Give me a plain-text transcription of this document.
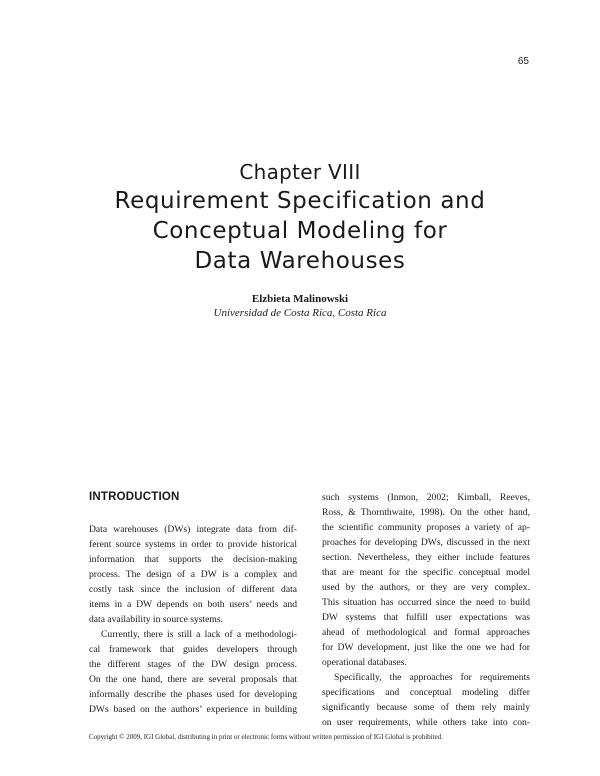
65
Chapter VIII
Requirement Specification and
Conceptual Modeling for
Data Warehouses
Elzbieta Malinowski
Universidad de Costa Rica, Costa Rica
INTRODUCTION

Data warehouses (DWs) integrate data from dif-
ferent source systems in order to provide historical
information that supports the decision-making
process. The design of a DW is a complex and
costly task since the inclusion of different data
items in a DW depends on both users’ needs and
data availability in source systems.

Currently, there is still a lack of a methodologi-
cal framework that guides developers through
the different stages of the DW design process.
On the one hand, there are several proposals that
informally describe the phases used for developing
DWs based on the authors’ experience in building

such systems (Inmon, 2002; Kimball, Reeves,
Ross, & Thornthwaite, 1998). On the other hand,
the scientific community proposes a variety of ap-
proaches for developing DWs, discussed in the next
section. Nevertheless, they either include features
that are meant for the specific conceptual model
used by the authors, or they are very complex.
This situation has occurred since the need to build
DW systems that fulfill user expectations was
ahead of methodological and formal approaches
for DW development, just like the one we had for
operational databases.

Specifically, the approaches for requirements
specifications and conceptual modeling differ
significantly because some of them rely mainly
on user requirements, while others take into con-

Copyright © 2009, IGI Global, distributing in print or electronic forms without written permission of IGI Global is prohibited.
